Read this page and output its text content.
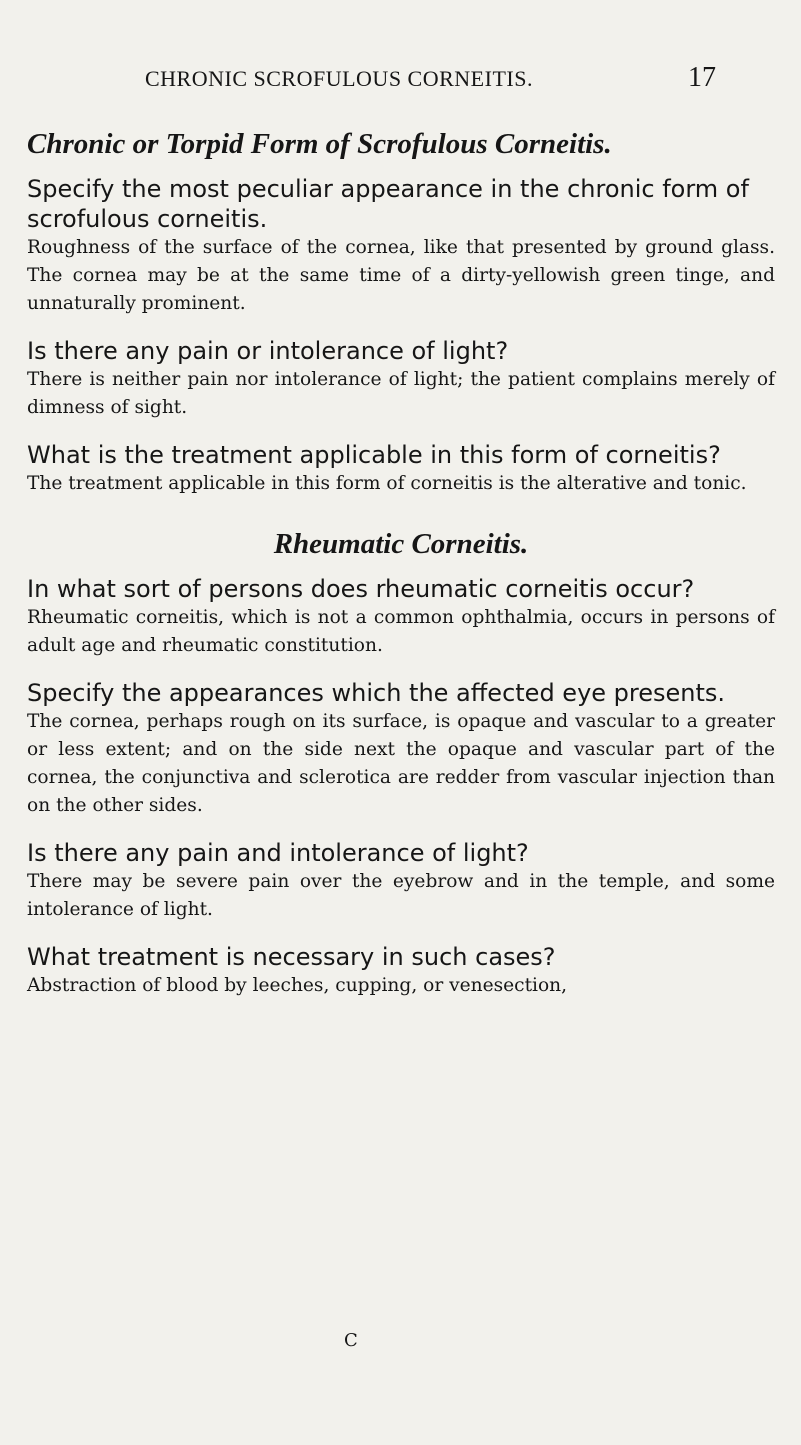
CHRONIC SCROFULOUS CORNEITIS.	17
Chronic or Torpid Form of Scrofulous Corneitis.

Specify the most peculiar appearance in the chronic form of scrofulous corneitis.

Roughness of the surface of the cornea, like that presented by ground glass. The cornea may be at the same time of a dirty-yellowish green tinge, and unnaturally prominent.

Is there any pain or intolerance of light?

There is neither pain nor intolerance of light; the patient complains merely of dimness of sight.

What is the treatment applicable in this form of corneitis?

The treatment applicable in this form of corneitis is the alterative and tonic.

Rheumatic Corneitis.

In what sort of persons does rheumatic corneitis occur?

Rheumatic corneitis, which is not a common ophthalmia, occurs in persons of adult age and rheumatic constitution.

Specify the appearances which the affected eye presents.

The cornea, perhaps rough on its surface, is opaque and vascular to a greater or less extent; and on the side next the opaque and vascular part of the cornea, the conjunctiva and sclerotica are redder from vascular injection than on the other sides.

Is there any pain and intolerance of light?

There may be severe pain over the eyebrow and in the temple, and some intolerance of light.

What treatment is necessary in such cases?

Abstraction of blood by leeches, cupping, or venesection,

C
